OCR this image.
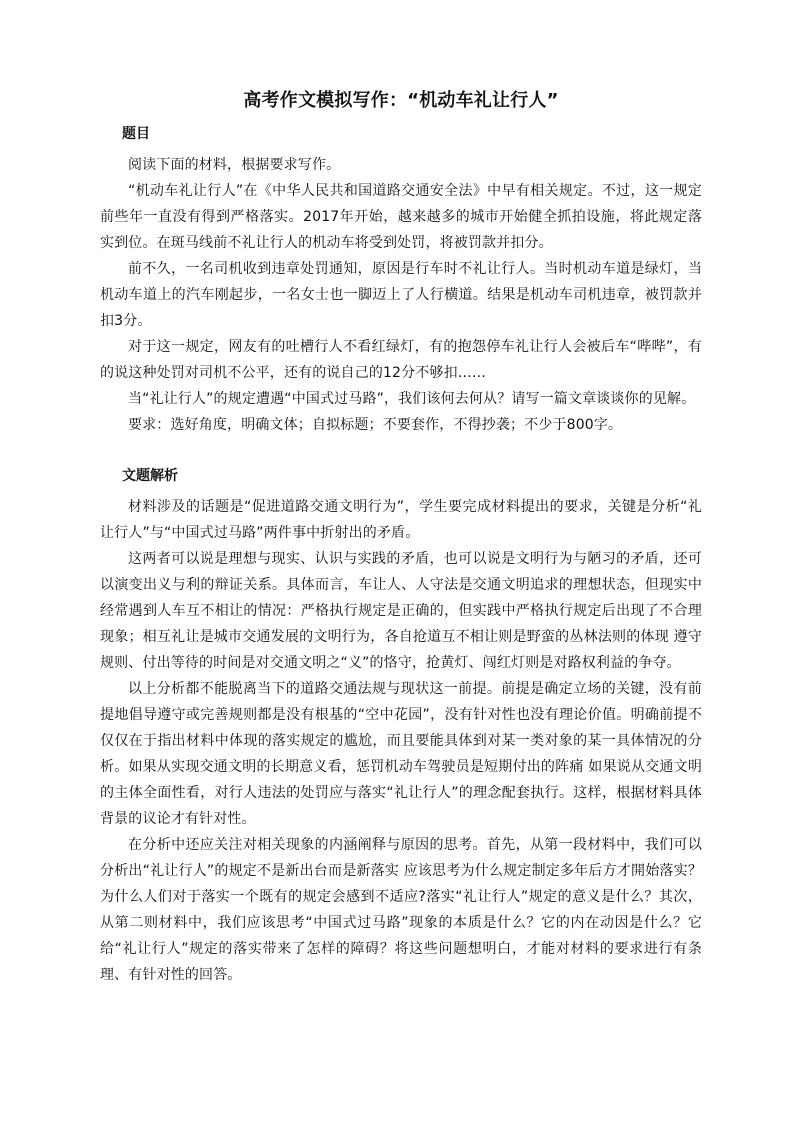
高考作文模拟写作：“机动车礼让行人”
题目

阅读下面的材料，根据要求写作。

“机动车礼让行人”在《中华人民共和国道路交通安全法》中早有相关规定。不过，这一规定前些年一直没有得到严格落实。2017年开始，越来越多的城市开始健全抓拍设施，将此规定落实到位。在斑马线前不礼让行人的机动车将受到处罚，将被罚款并扣分。

前不久，一名司机收到违章处罚通知，原因是行车时不礼让行人。当时机动车道是绿灯，当机动车道上的汽车刚起步，一名女士也一脚迈上了人行横道。结果是机动车司机违章，被罚款并扣3分。

对于这一规定，网友有的吐槽行人不看红绿灯，有的抱怨停车礼让行人会被后车“哔哔”，有的说这种处罚对司机不公平，还有的说自己的12分不够扣……

当“礼让行人”的规定遭遇“中国式过马路”，我们该何去何从？请写一篇文章谈谈你的见解。

要求：选好角度，明确文体；自拟标题；不要套作，不得抄袭；不少于800字。

文题解析

材料涉及的话题是“促进道路交通文明行为”，学生要完成材料提出的要求，关键是分析“礼让行人”与“中国式过马路”两件事中折射出的矛盾。

这两者可以说是理想与现实、认识与实践的矛盾，也可以说是文明行为与陋习的矛盾，还可以演变出义与利的辩证关系。具体而言，车让人、人守法是交通文明追求的理想状态，但现实中经常遇到人车互不相让的情况：严格执行规定是正确的，但实践中严格执行规定后出现了不合理现象；相互礼让是城市交通发展的文明行为，各自抢道互不相让则是野蛮的丛林法则的体现 遵守规则、付出等待的时间是对交通文明之“义”的恪守，抢黄灯、闯红灯则是对路权利益的争夺。

以上分析都不能脱离当下的道路交通法规与现状这一前提。前提是确定立场的关键，没有前提地倡导遵守或完善规则都是没有根基的“空中花园”，没有针对性也没有理论价值。明确前提不仅仅在于指出材料中体现的落实规定的尴尬，而且要能具体到对某一类对象的某一具体情况的分析。如果从实现交通文明的长期意义看，惩罚机动车驾驶员是短期付出的阵痛 如果说从交通文明的主体全面性看，对行人违法的处罚应与落实“礼让行人”的理念配套执行。这样，根据材料具体背景的议论才有针对性。

在分析中还应关注对相关现象的内涵阐释与原因的思考。首先，从第一段材料中，我们可以分析出“礼让行人”的规定不是新出台而是新落实 应该思考为什么规定制定多年后方才開始落实？为什么人们对于落实一个既有的规定会感到不适应?落实“礼让行人”规定的意义是什么？其次，从第二则材料中，我们应该思考“中国式过马路”现象的本质是什么？它的内在动因是什么？它给“礼让行人”规定的落实带来了怎样的障碍？将这些问题想明白，才能对材料的要求进行有条理、有针对性的回答。
